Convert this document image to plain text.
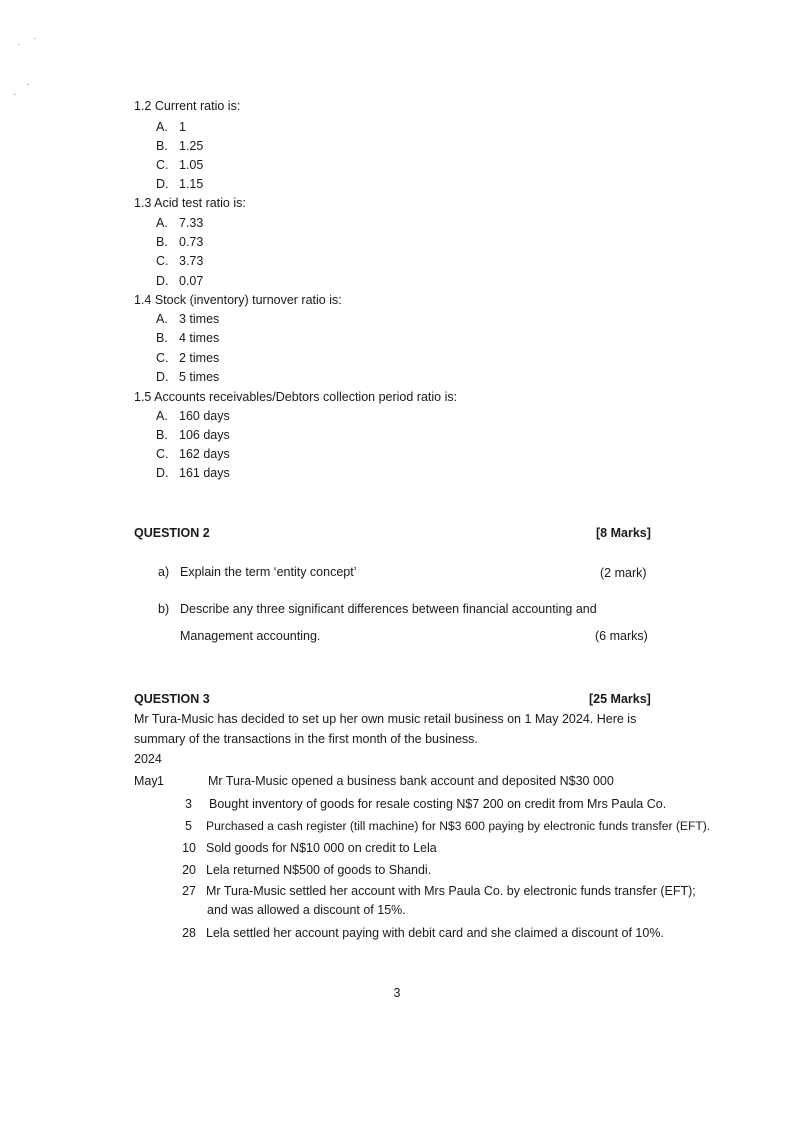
1.2 Current ratio is:
A. 1
B. 1.25
C. 1.05
D. 1.15
1.3 Acid test ratio is:
A. 7.33
B. 0.73
C. 3.73
D. 0.07
1.4 Stock (inventory) turnover ratio is:
A. 3 times
B. 4 times
C. 2 times
D. 5 times
1.5 Accounts receivables/Debtors collection period ratio is:
A. 160 days
B. 106 days
C. 162 days
D. 161 days
QUESTION 2	[8 Marks]
a) Explain the term ‘entity concept’	(2 mark)
b) Describe any three significant differences between financial accounting and
Management accounting.	(6 marks)
QUESTION 3	[25 Marks]
Mr Tura-Music has decided to set up her own music retail business on 1 May 2024. Here is summary of the transactions in the first month of the business.
2024
May 1	Mr Tura-Music opened a business bank account and deposited N$30 000
3 Bought inventory of goods for resale costing N$7 200 on credit from Mrs Paula Co.
5 Purchased a cash register (till machine) for N$3 600 paying by electronic funds transfer (EFT).
10 Sold goods for N$10 000 on credit to Lela
20 Lela returned N$500 of goods to Shandi.
27 Mr Tura-Music settled her account with Mrs Paula Co. by electronic funds transfer (EFT);
and was allowed a discount of 15%.
28 Lela settled her account paying with debit card and she claimed a discount of 10%.
3
